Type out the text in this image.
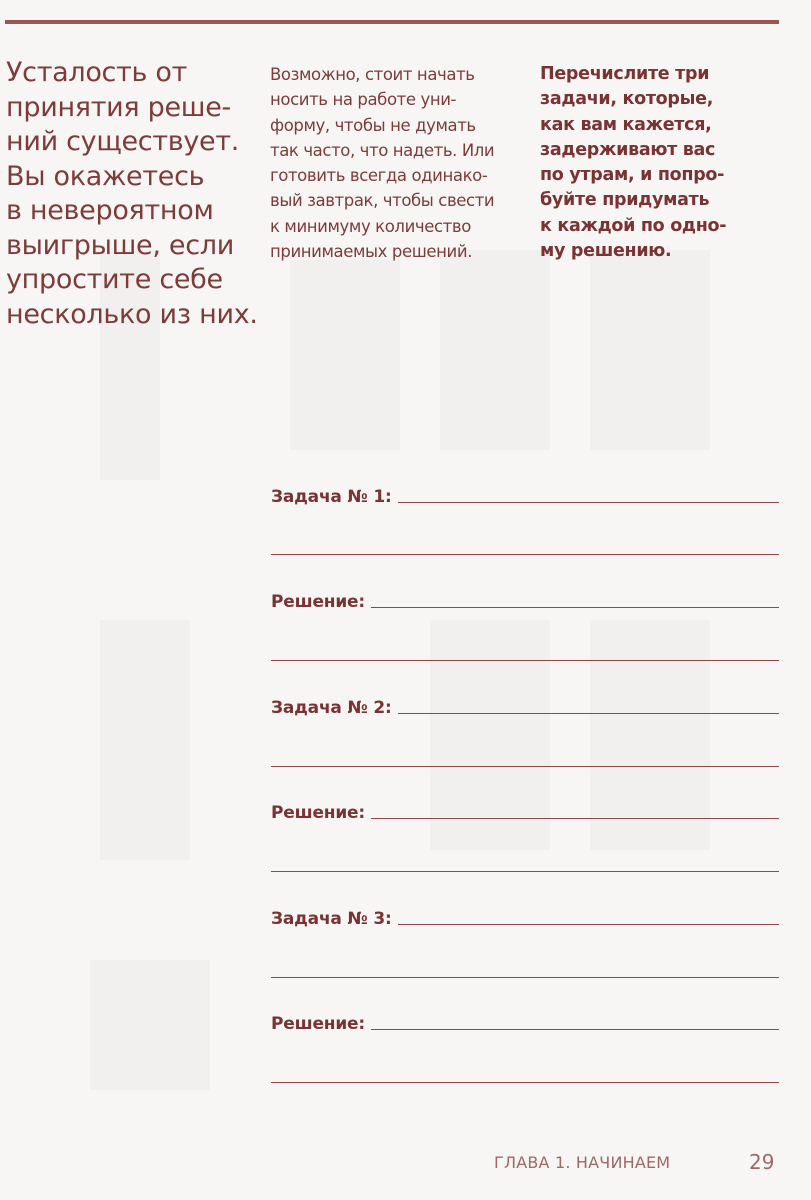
Усталость от
принятия реше-
ний существует.
Вы окажетесь
в невероятном
выигрыше, если
упростите себе
несколько из них.
Возможно, стоит начать
носить на работе уни-
форму, чтобы не думать
так часто, что надеть. Или
готовить всегда одинако-
вый завтрак, чтобы свести
к минимуму количество
принимаемых решений.
Перечислите три
задачи, которые,
как вам кажется,
задерживают вас
по утрам, и попро-
буйте придумать
к каждой по одно-
му решению.
Задача № 1:
Решение:
Задача № 2:
Решение:
Задача № 3:
Решение:
ГЛАВА 1. НАЧИНАЕМ	29
